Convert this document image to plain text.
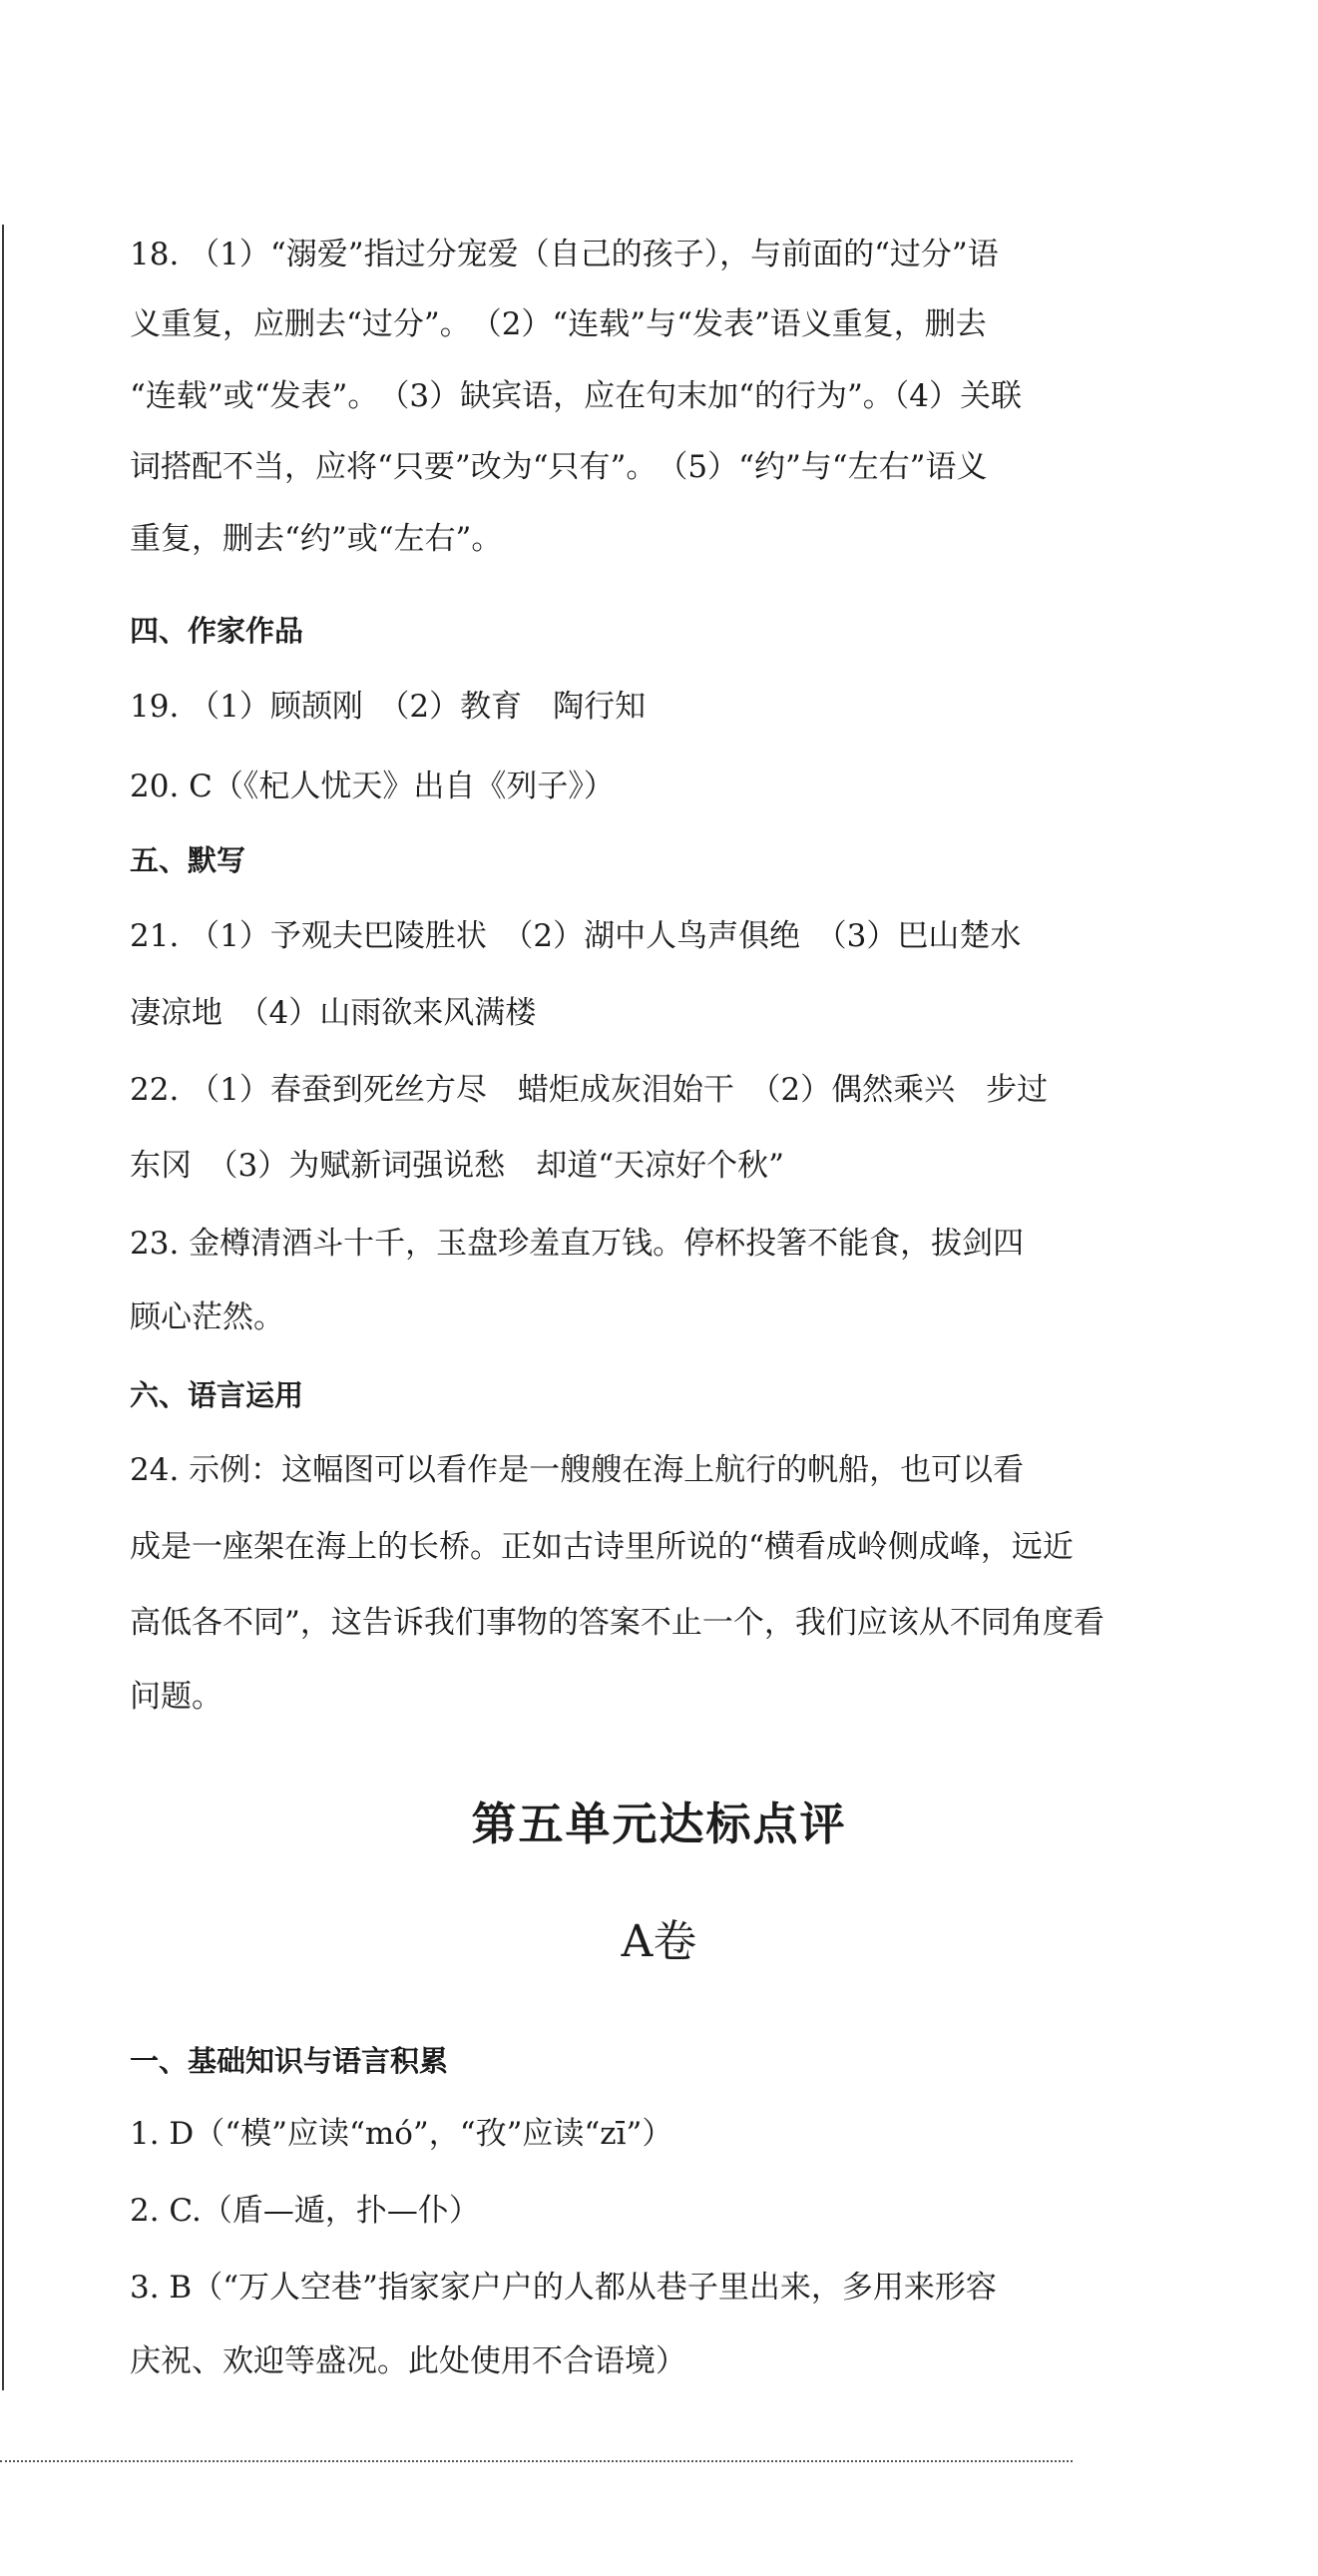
18. （1）“溺爱”指过分宠爱（自己的孩子），与前面的“过分”语
义重复，应删去“过分”。　（2）“连载”与“发表”语义重复，删去
“连载”或“发表”。　（3）缺宾语，应在句末加“的行为”。（4）关联
词搭配不当，应将“只要”改为“只有”。　（5）“约”与“左右”语义
重复，删去“约”或“左右”。
四、作家作品
19. （1）顾颉刚　（2）教育　陶行知
20. C（《杞人忧天》出自《列子》）
五、默写
21. （1）予观夫巴陵胜状　（2）湖中人鸟声俱绝　（3）巴山楚水
凄凉地　（4）山雨欲来风满楼
22. （1）春蚕到死丝方尽　蜡炬成灰泪始干　（2）偶然乘兴　步过
东冈　（3）为赋新词强说愁　却道“天凉好个秋”
23. 金樽清酒斗十千，玉盘珍羞直万钱。停杯投箸不能食，拔剑四
顾心茫然。
六、语言运用
24. 示例：这幅图可以看作是一艘艘在海上航行的帆船，也可以看
成是一座架在海上的长桥。正如古诗里所说的“横看成岭侧成峰，远近
高低各不同”，这告诉我们事物的答案不止一个，我们应该从不同角度看
问题。
第五单元达标点评
A卷
一、基础知识与语言积累
1. D（“模”应读“mó”，“孜”应读“zī”）
2. C.（盾—遁，扑—仆）
3. B（“万人空巷”指家家户户的人都从巷子里出来，多用来形容
庆祝、欢迎等盛况。此处使用不合语境）
